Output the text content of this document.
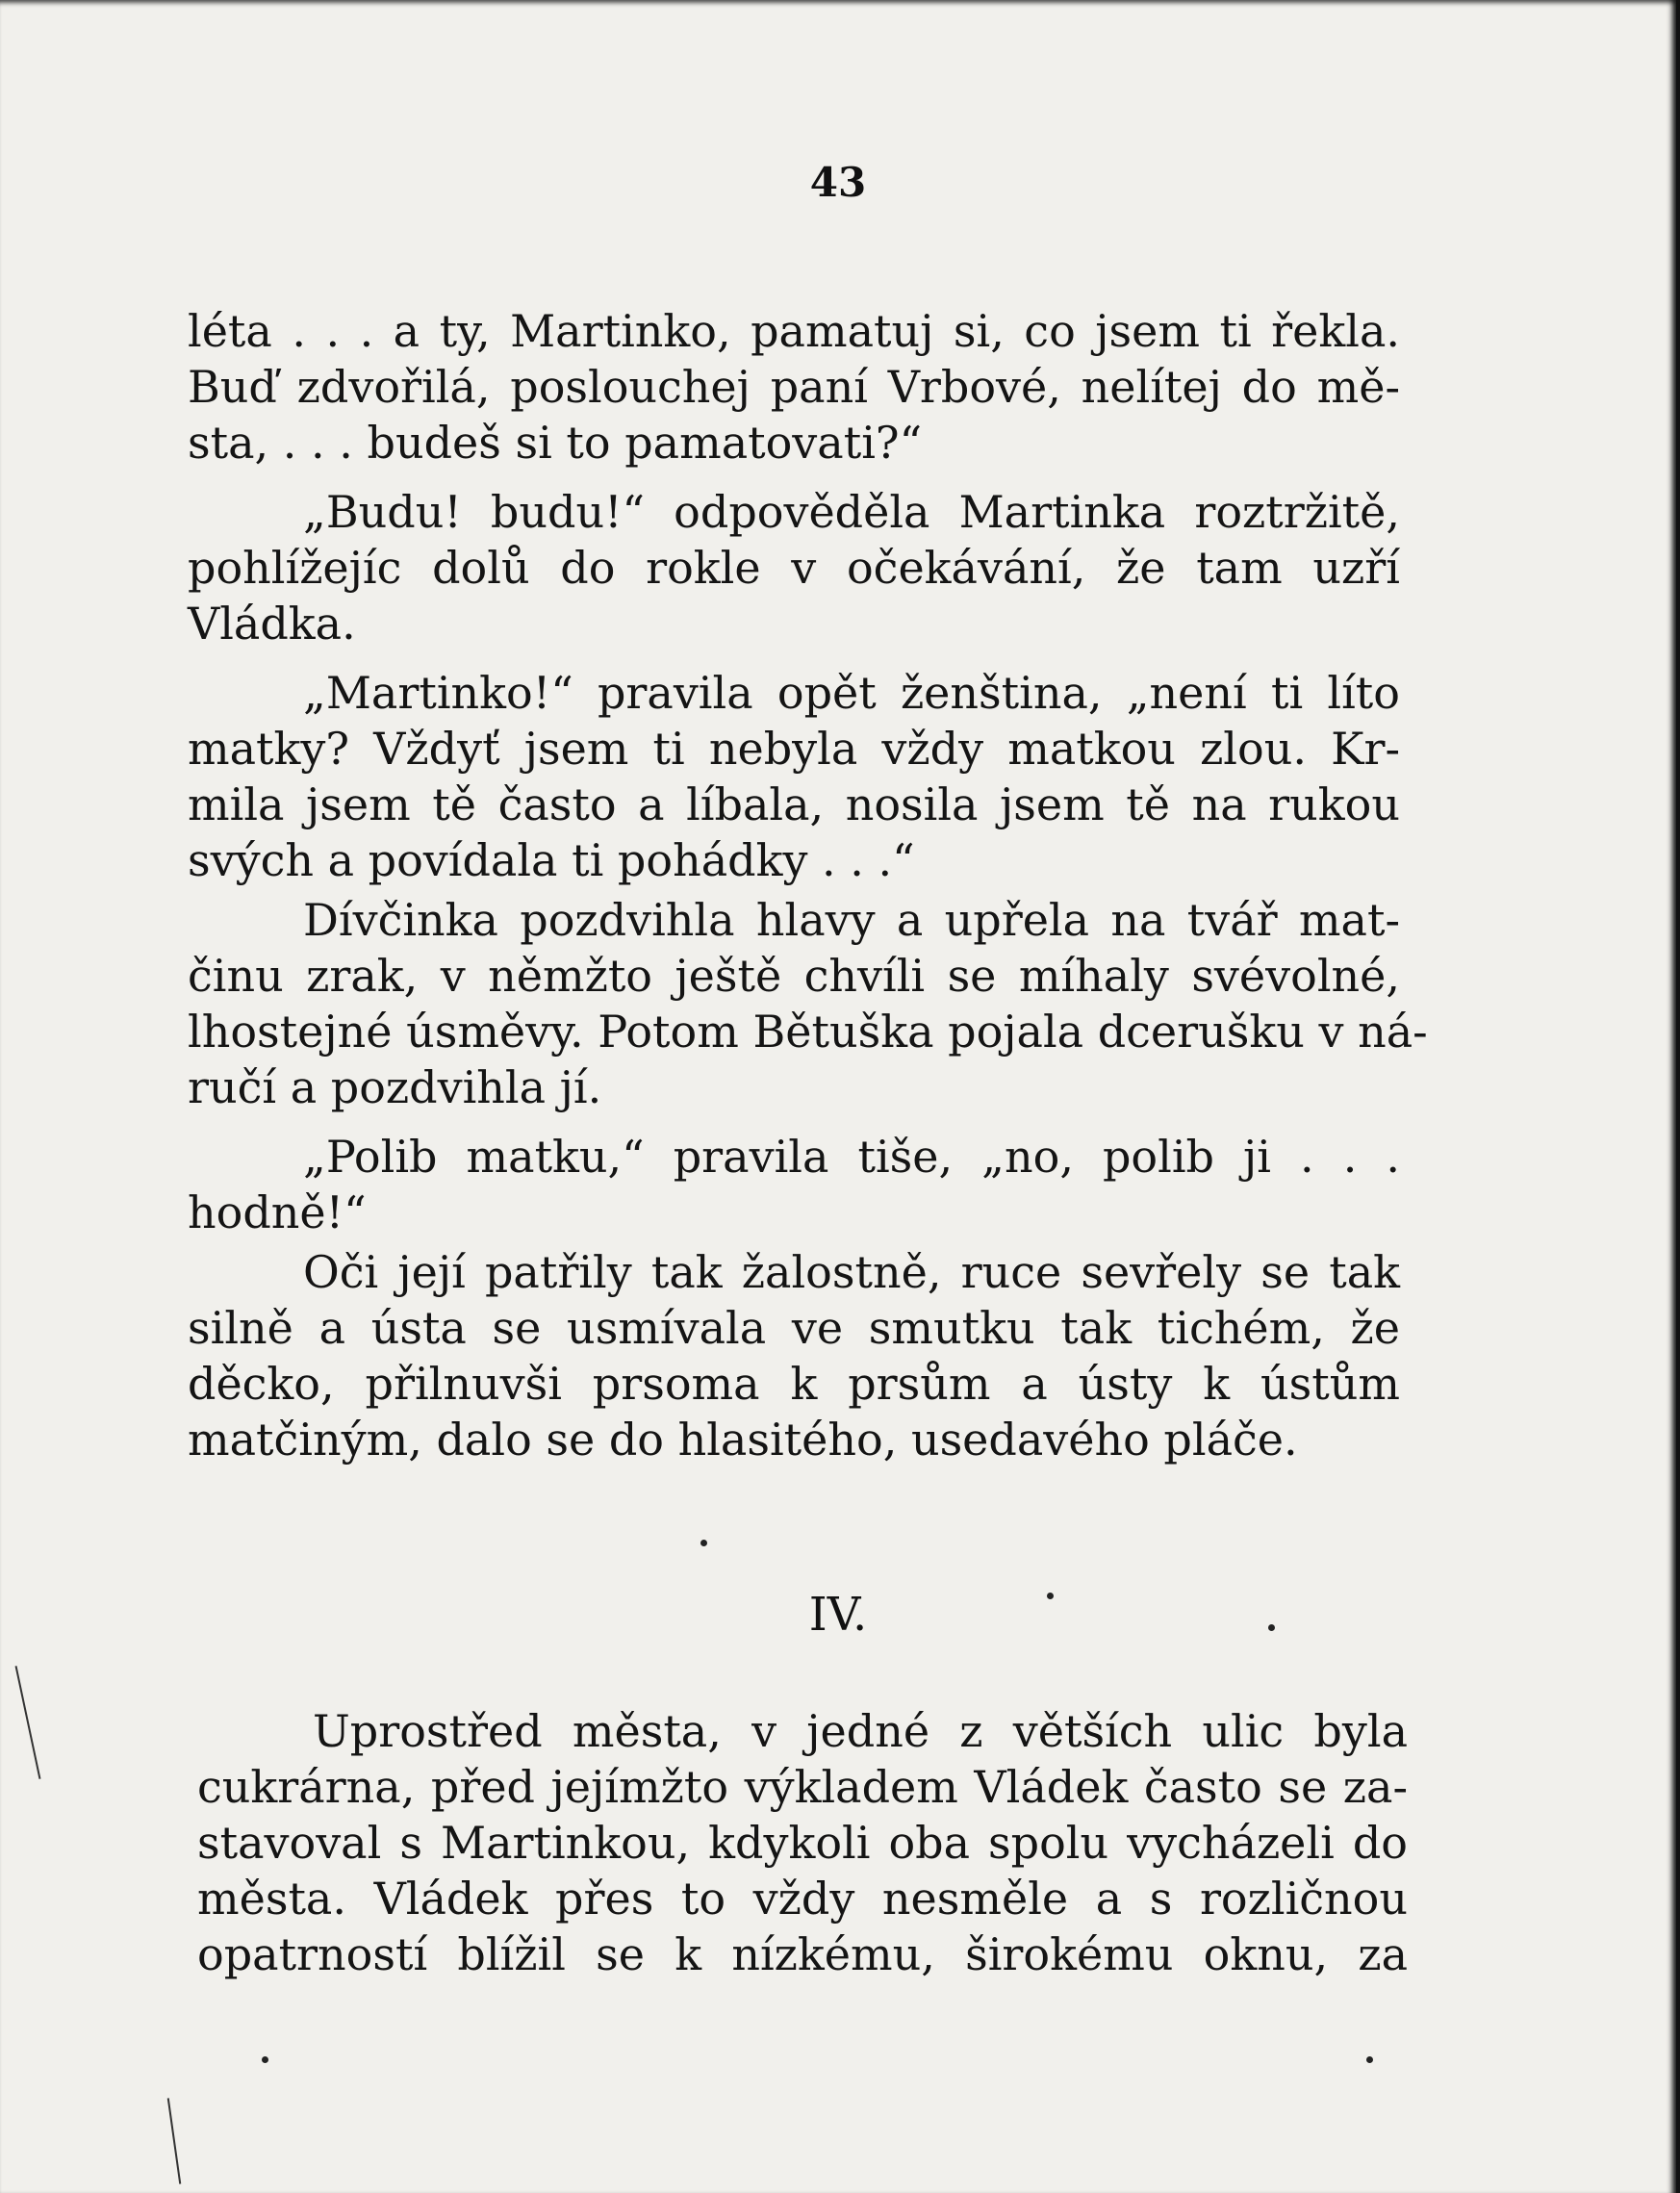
43
léta . . . a ty, Martinko, pamatuj si, co jsem ti řekla.
Buď zdvořilá, poslouchej paní Vrbové, nelítej do mě-
sta, . . . budeš si to pamatovati?“
„Budu! budu!“ odpověděla Martinka roztržitě,
pohlížejíc dolů do rokle v očekávání, že tam uzří
Vládka.
„Martinko!“ pravila opět ženština, „není ti líto
matky? Vždyť jsem ti nebyla vždy matkou zlou. Kr-
mila jsem tě často a líbala, nosila jsem tě na rukou
svých a povídala ti pohádky . . .“
Dívčinka pozdvihla hlavy a upřela na tvář mat-
činu zrak, v němžto ještě chvíli se míhaly svévolné,
lhostejné úsměvy. Potom Bětuška pojala dcerušku v ná-
ručí a pozdvihla jí.
„Polib matku,“ pravila tiše, „no, polib ji . . .
hodně!“
Oči její patřily tak žalostně, ruce sevřely se tak
silně a ústa se usmívala ve smutku tak tichém, že
děcko, přilnuvši prsoma k prsům a ústy k ústům
matčiným, dalo se do hlasitého, usedavého pláče.
IV.
Uprostřed města, v jedné z větších ulic byla
cukrárna, před jejímžto výkladem Vládek často se za-
stavoval s Martinkou, kdykoli oba spolu vycházeli do
města. Vládek přes to vždy nesměle a s rozličnou
opatrností blížil se k nízkému, širokému oknu, za
